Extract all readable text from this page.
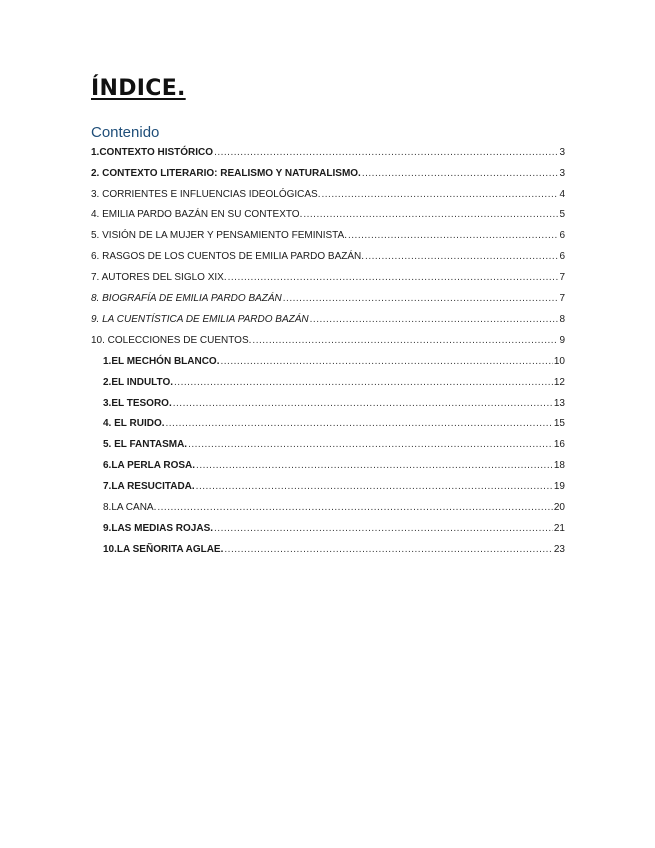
ÍNDICE.
Contenido
1.CONTEXTO HISTÓRICO .....	3
2. CONTEXTO LITERARIO: REALISMO Y NATURALISMO. .....	3
3. CORRIENTES E INFLUENCIAS IDEOLÓGICAS. .....	4
4. EMILIA PARDO BAZÁN EN SU CONTEXTO. .....	5
5. VISIÓN DE LA MUJER Y PENSAMIENTO FEMINISTA. .....	6
6. RASGOS DE LOS CUENTOS DE EMILIA PARDO BAZÁN. .....	6
7. AUTORES DEL SIGLO XIX. .....	7
8. BIOGRAFÍA DE EMILIA PARDO BAZÁN .....	7
9. LA CUENTÍSTICA DE EMILIA PARDO BAZÁN .....	8
10. COLECCIONES DE CUENTOS. .....	9
1.EL MECHÓN BLANCO. .....	10
2.EL INDULTO. .....	12
3.EL TESORO. .....	13
4. EL RUIDO. .....	15
5. EL FANTASMA. .....	16
6.LA PERLA ROSA. .....	18
7.LA RESUCITADA. .....	19
8.LA CANA. .....	20
9.LAS MEDIAS ROJAS. .....	21
10.LA SEÑORITA AGLAE. .....	23
